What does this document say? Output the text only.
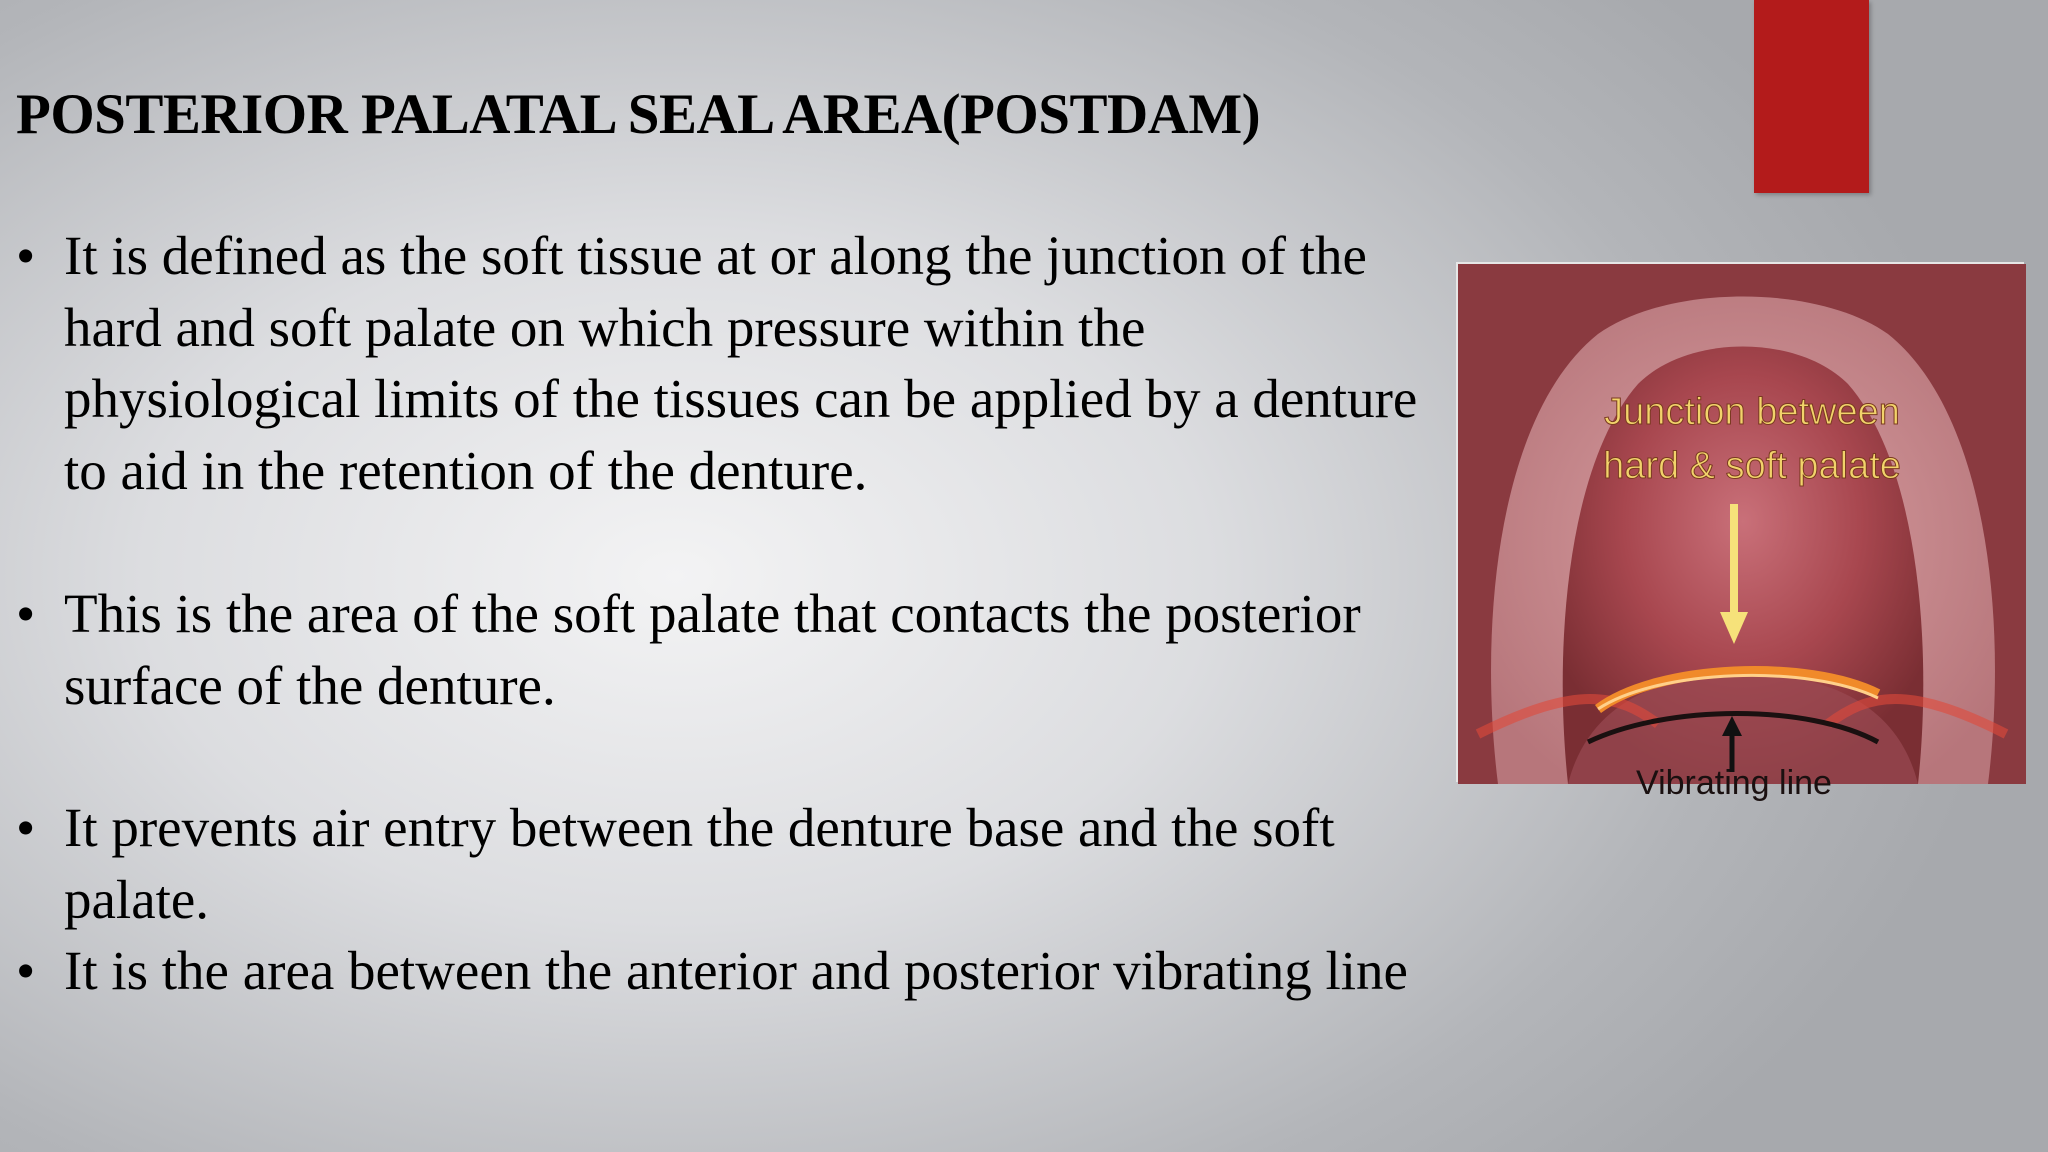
POSTERIOR PALATAL SEAL AREA(POSTDAM)
• It is defined as the soft tissue at or along the junction of the hard and soft palate on which pressure within the physiological limits of the tissues can be applied by a denture to aid in the retention of the denture.
• This is the area of the soft palate that contacts the posterior surface of the denture.
• It prevents air entry between the denture base and the soft palate.
• It is the area between the anterior and posterior vibrating line
Junction between
hard & soft palate
Vibrating line
